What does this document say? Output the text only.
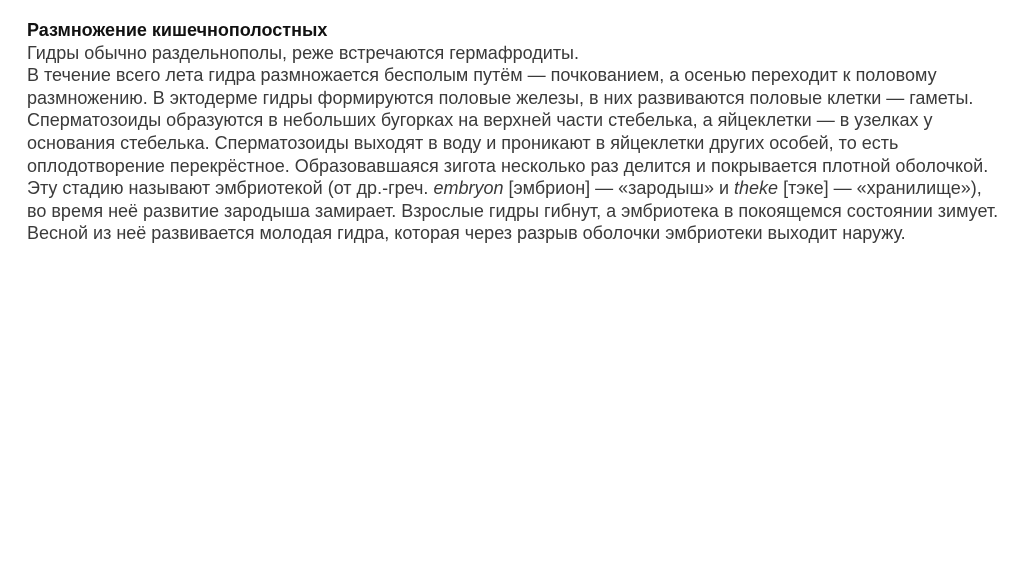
Размножение кишечнополостных

Гидры обычно раздельнополы, реже встречаются гермафродиты.

В течение всего лета гидра размножается бесполым путём — почкованием, а осенью переходит к половому размножению. В эктодерме гидры формируются половые железы, в них развиваются половые клетки — гаметы. Сперматозоиды образуются в небольших бугорках на верхней части стебелька, а яйцеклетки — в узелках у основания стебелька. Сперматозоиды выходят в воду и проникают в яйцеклетки других особей, то есть оплодотворение перекрёстное. Образовавшаяся зигота несколько раз делится и покрывается плотной оболочкой. Эту стадию называют эмбриотекой (от др.-греч. embryon [эмбрион] — «зародыш» и theke [тэке] — «хранилище»), во время неё развитие зародыша замирает. Взрослые гидры гибнут, а эмбриотека в покоящемся состоянии зимует. Весной из неё развивается молодая гидра, которая через разрыв оболочки эмбриотеки выходит наружу.
